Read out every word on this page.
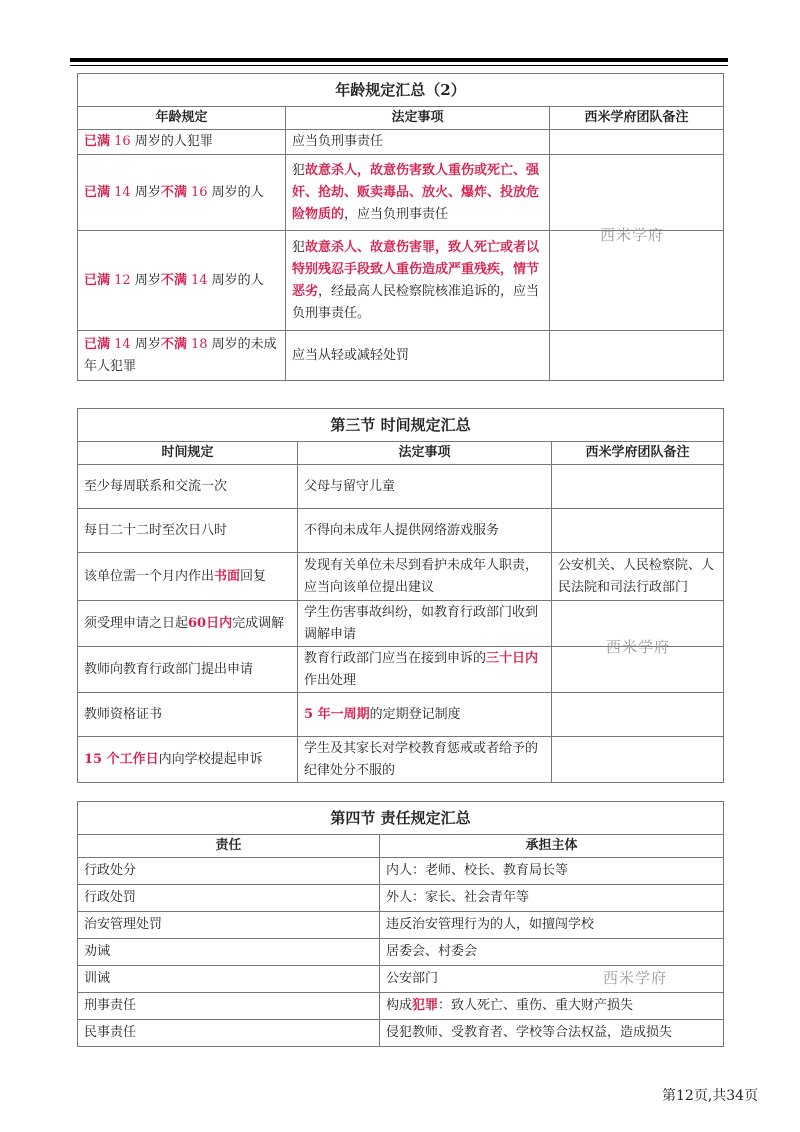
年龄规定汇总（2）		
年龄规定	法定事项	西米学府团队备注
已满 16 周岁的人犯罪	应当负刑事责任	
已满 14 周岁不满 16 周岁的人	犯故意杀人，故意伤害致人重伤或死亡、强奸、抢劫、贩卖毒品、放火、爆炸、投放危险物质的，应当负刑事责任	
已满 12 周岁不满 14 周岁的人	犯故意杀人、故意伤害罪，致人死亡或者以特别残忍手段致人重伤造成严重残疾，情节恶劣，经最高人民检察院核准追诉的，应当负刑事责任。	
已满 14 周岁不满 18 周岁的未成年人犯罪	应当从轻或减轻处罚	
第三节 时间规定汇总		
时间规定	法定事项	西米学府团队备注
至少每周联系和交流一次	父母与留守儿童	
每日二十二时至次日八时	不得向未成年人提供网络游戏服务	
该单位需一个月内作出书面回复	发现有关单位未尽到看护未成年人职责，应当向该单位提出建议	公安机关、人民检察院、人民法院和司法行政部门
须受理申请之日起60日内完成调解	学生伤害事故纠纷，如教育行政部门收到调解申请	
教师向教育行政部门提出申请	教育行政部门应当在接到申诉的三十日内作出处理	
教师资格证书	5 年一周期的定期登记制度	
15 个工作日内向学校提起申诉	学生及其家长对学校教育惩戒或者给予的纪律处分不服的	
第四节 责任规定汇总	
责任	承担主体
行政处分	内人：老师、校长、教育局长等
行政处罚	外人：家长、社会青年等
治安管理处罚	违反治安管理行为的人，如擅闯学校
劝诫	居委会、村委会
训诫	公安部门
刑事责任	构成犯罪：致人死亡、重伤、重大财产损失
民事责任	侵犯教师、受教育者、学校等合法权益，造成损失
西米学府
西米学府
西米学府
第12页,共34页
